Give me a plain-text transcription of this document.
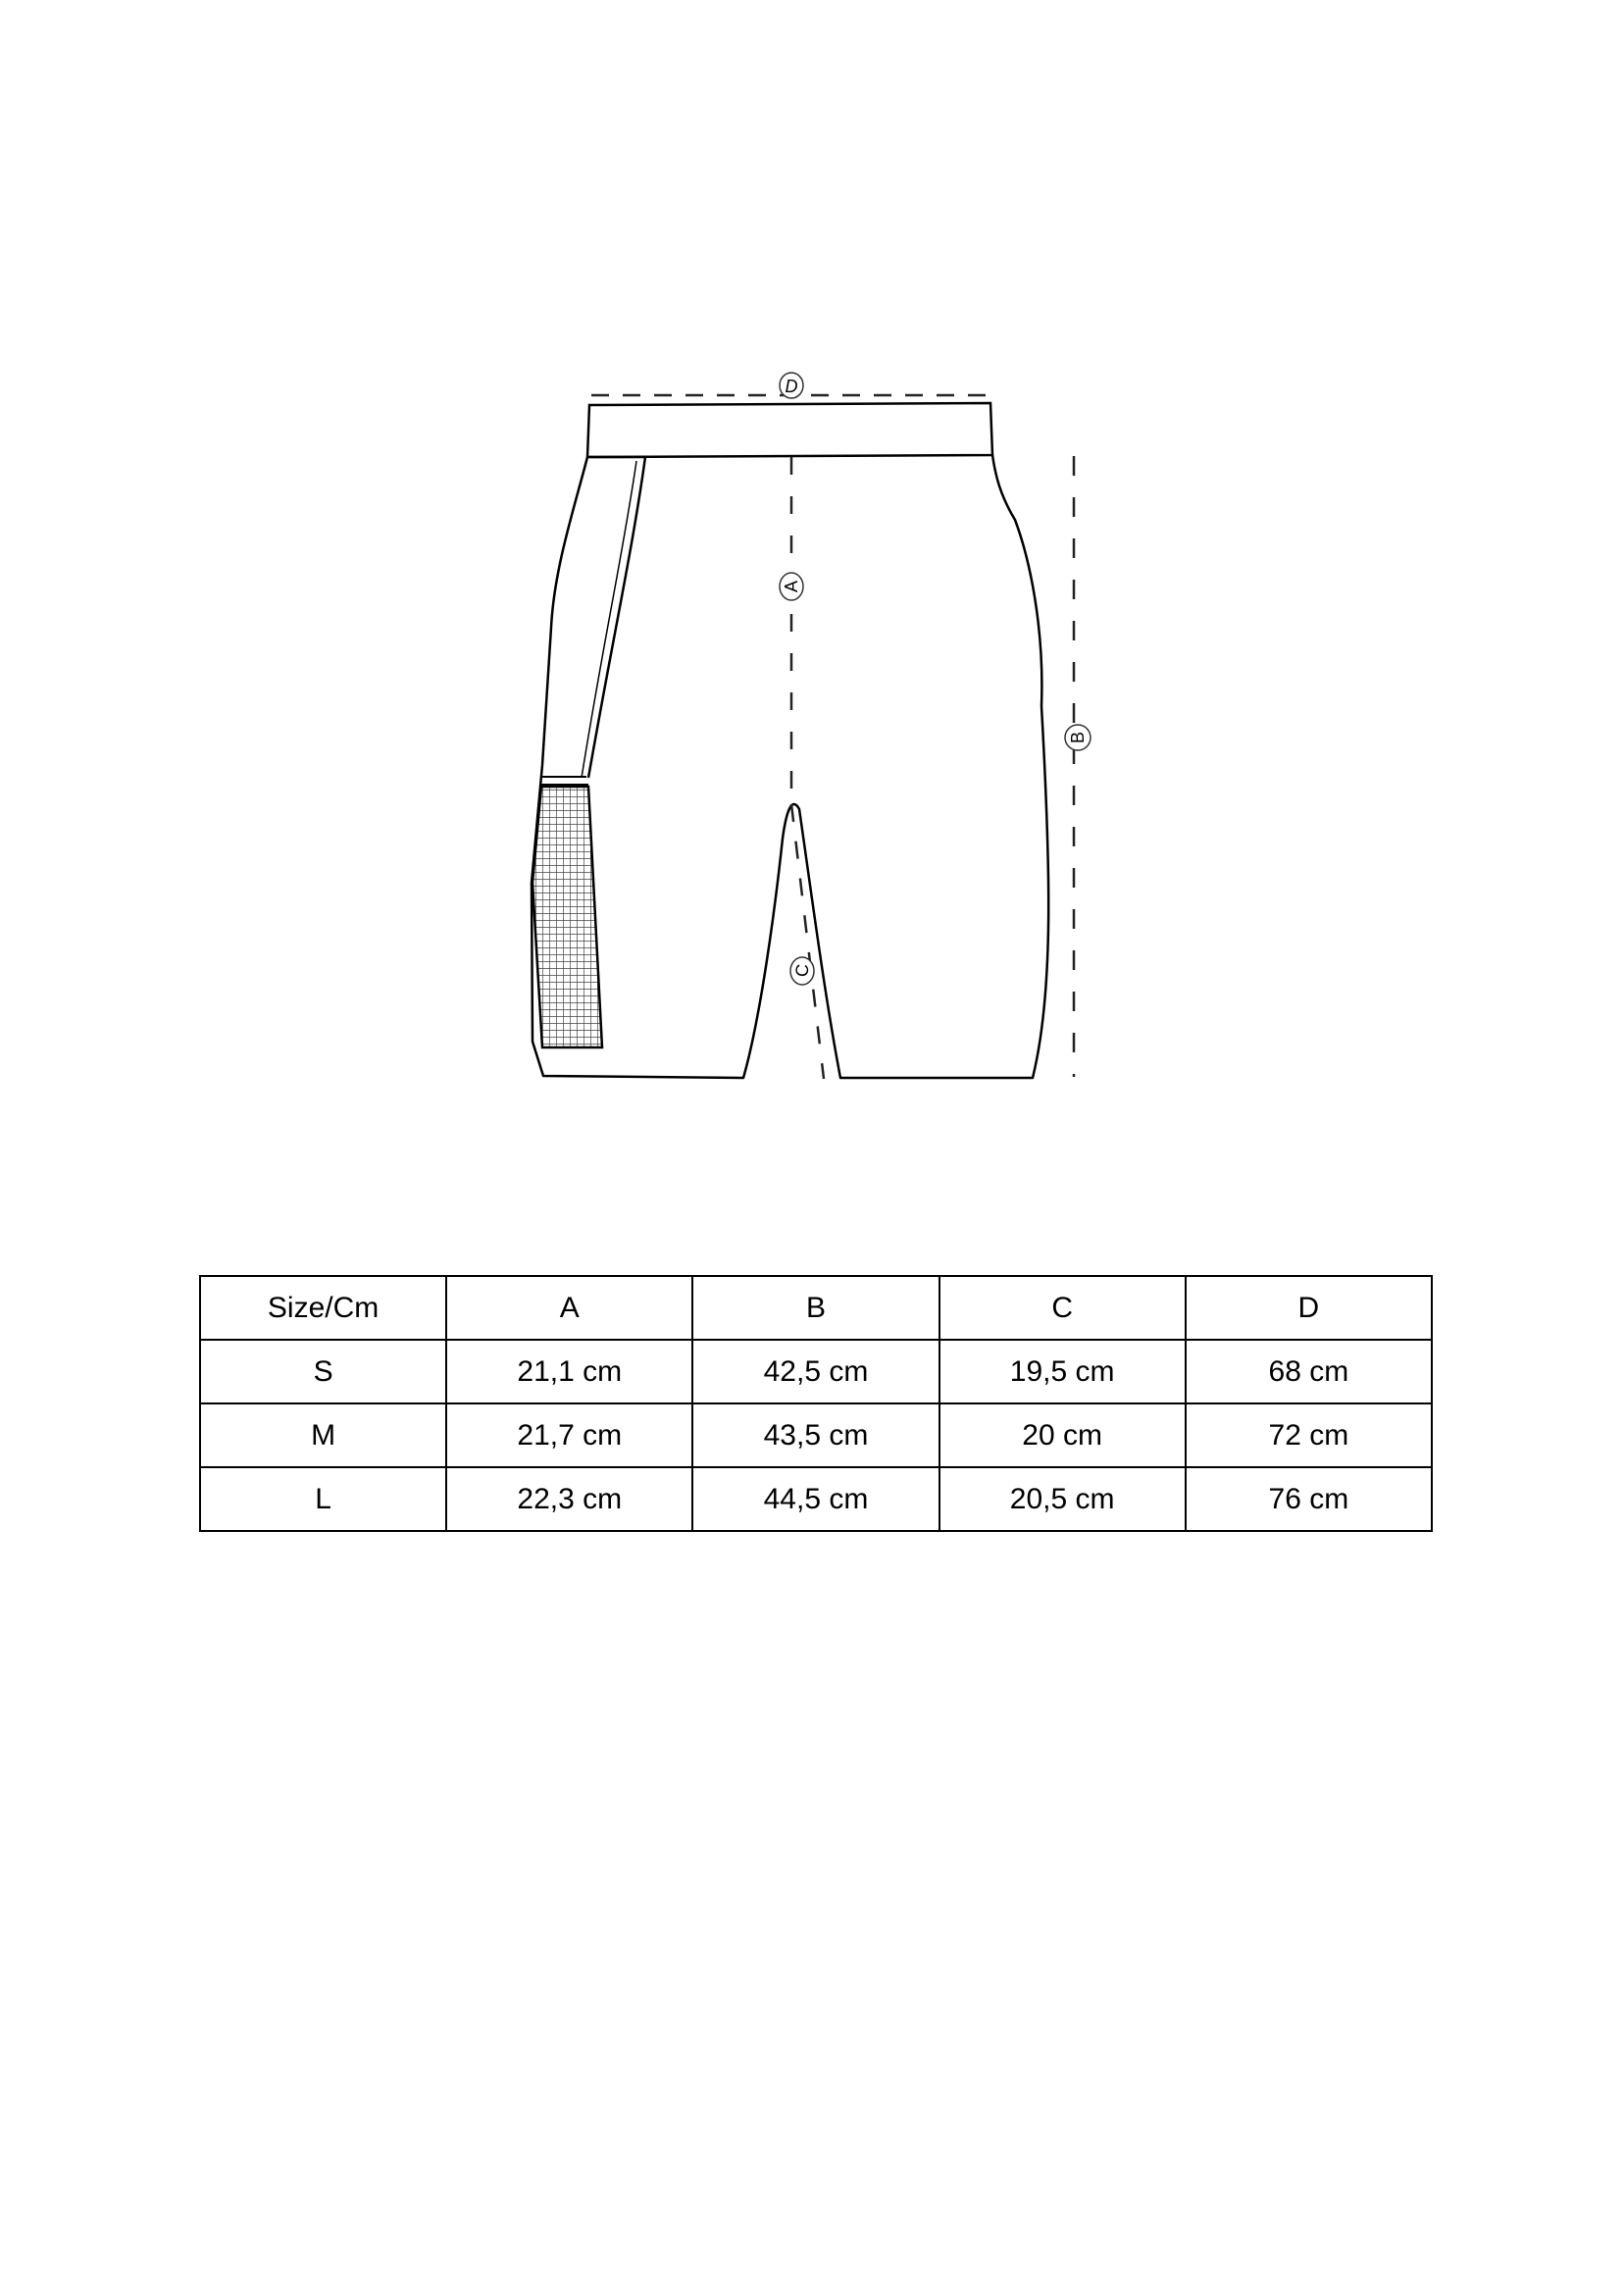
D
A
C
B
Size/Cm	A	B	C	D
S	21,1 cm	42,5 cm	19,5 cm	68 cm
M	21,7 cm	43,5 cm	20 cm	72 cm
L	22,3 cm	44,5 cm	20,5 cm	76 cm
